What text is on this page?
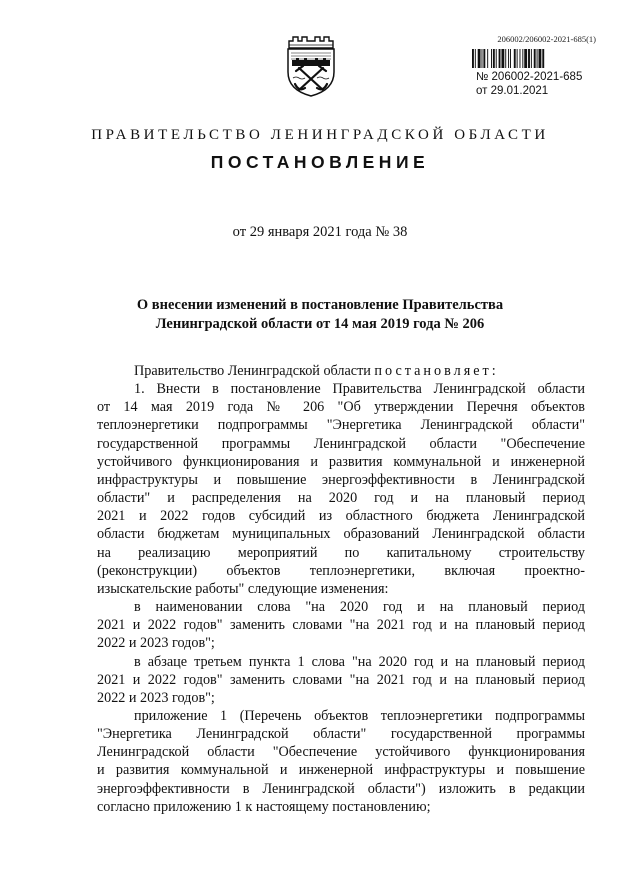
206002/206002-2021-685(1)
№ 206002-2021-685
от 29.01.2021
ПРАВИТЕЛЬСТВО ЛЕНИНГРАДСКОЙ ОБЛАСТИ
ПОСТАНОВЛЕНИЕ
от 29 января 2021 года № 38
О внесении изменений в постановление Правительства
Ленинградской области от 14 мая 2019 года № 206
Правительство Ленинградской области постановляет:
1. Внести в постановление Правительства Ленинградской области
от 14 мая 2019 года № 206 "Об утверждении Перечня объектов
теплоэнергетики подпрограммы "Энергетика Ленинградской области"
государственной программы Ленинградской области "Обеспечение
устойчивого функционирования и развития коммунальной и инженерной
инфраструктуры и повышение энергоэффективности в Ленинградской
области" и распределения на 2020 год и на плановый период
2021 и 2022 годов субсидий из областного бюджета Ленинградской
области бюджетам муниципальных образований Ленинградской области
на реализацию мероприятий по капитальному строительству
(реконструкции) объектов теплоэнергетики, включая проектно-
изыскательские работы" следующие изменения:
в наименовании слова "на 2020 год и на плановый период
2021 и 2022 годов" заменить словами "на 2021 год и на плановый период
2022 и 2023 годов";
в абзаце третьем пункта 1 слова "на 2020 год и на плановый период
2021 и 2022 годов" заменить словами "на 2021 год и на плановый период
2022 и 2023 годов";
приложение 1 (Перечень объектов теплоэнергетики подпрограммы
"Энергетика Ленинградской области" государственной программы
Ленинградской области "Обеспечение устойчивого функционирования
и развития коммунальной и инженерной инфраструктуры и повышение
энергоэффективности в Ленинградской области") изложить в редакции
согласно приложению 1 к настоящему постановлению;
